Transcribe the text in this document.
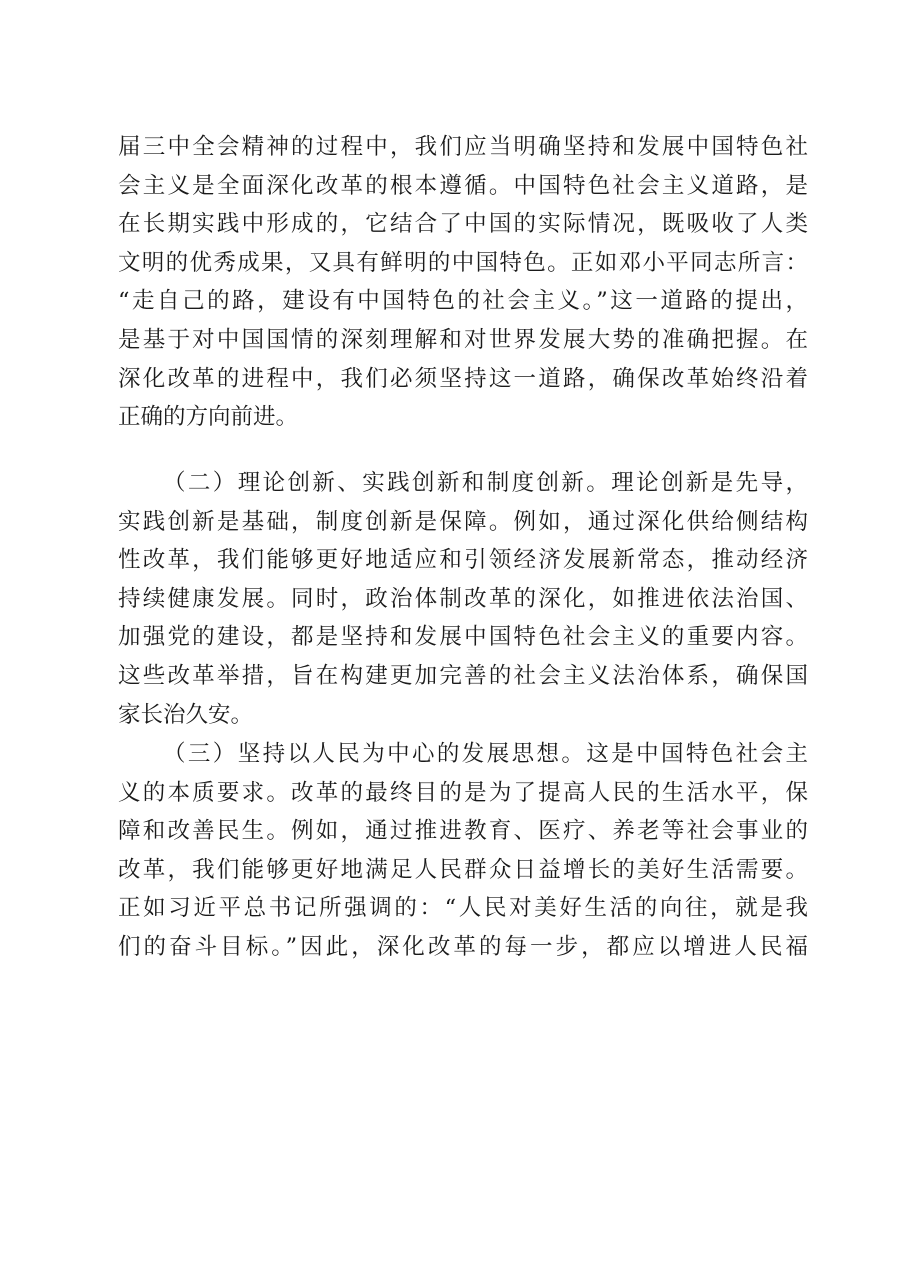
届三中全会精神的过程中，我们应当明确坚持和发展中国特色社
会主义是全面深化改革的根本遵循。中国特色社会主义道路，是
在长期实践中形成的，它结合了中国的实际情况，既吸收了人类
文明的优秀成果，又具有鲜明的中国特色。正如邓小平同志所言：
“走自己的路，建设有中国特色的社会主义。”这一道路的提出，
是基于对中国国情的深刻理解和对世界发展大势的准确把握。在
深化改革的进程中，我们必须坚持这一道路，确保改革始终沿着
正确的方向前进。
（二）理论创新、实践创新和制度创新。理论创新是先导，
实践创新是基础，制度创新是保障。例如，通过深化供给侧结构
性改革，我们能够更好地适应和引领经济发展新常态，推动经济
持续健康发展。同时，政治体制改革的深化，如推进依法治国、
加强党的建设，都是坚持和发展中国特色社会主义的重要内容。
这些改革举措，旨在构建更加完善的社会主义法治体系，确保国
家长治久安。
（三）坚持以人民为中心的发展思想。这是中国特色社会主
义的本质要求。改革的最终目的是为了提高人民的生活水平，保
障和改善民生。例如，通过推进教育、医疗、养老等社会事业的
改革，我们能够更好地满足人民群众日益增长的美好生活需要。
正如习近平总书记所强调的：“人民对美好生活的向往，就是我
们的奋斗目标。”因此，深化改革的每一步，都应以增进人民福
